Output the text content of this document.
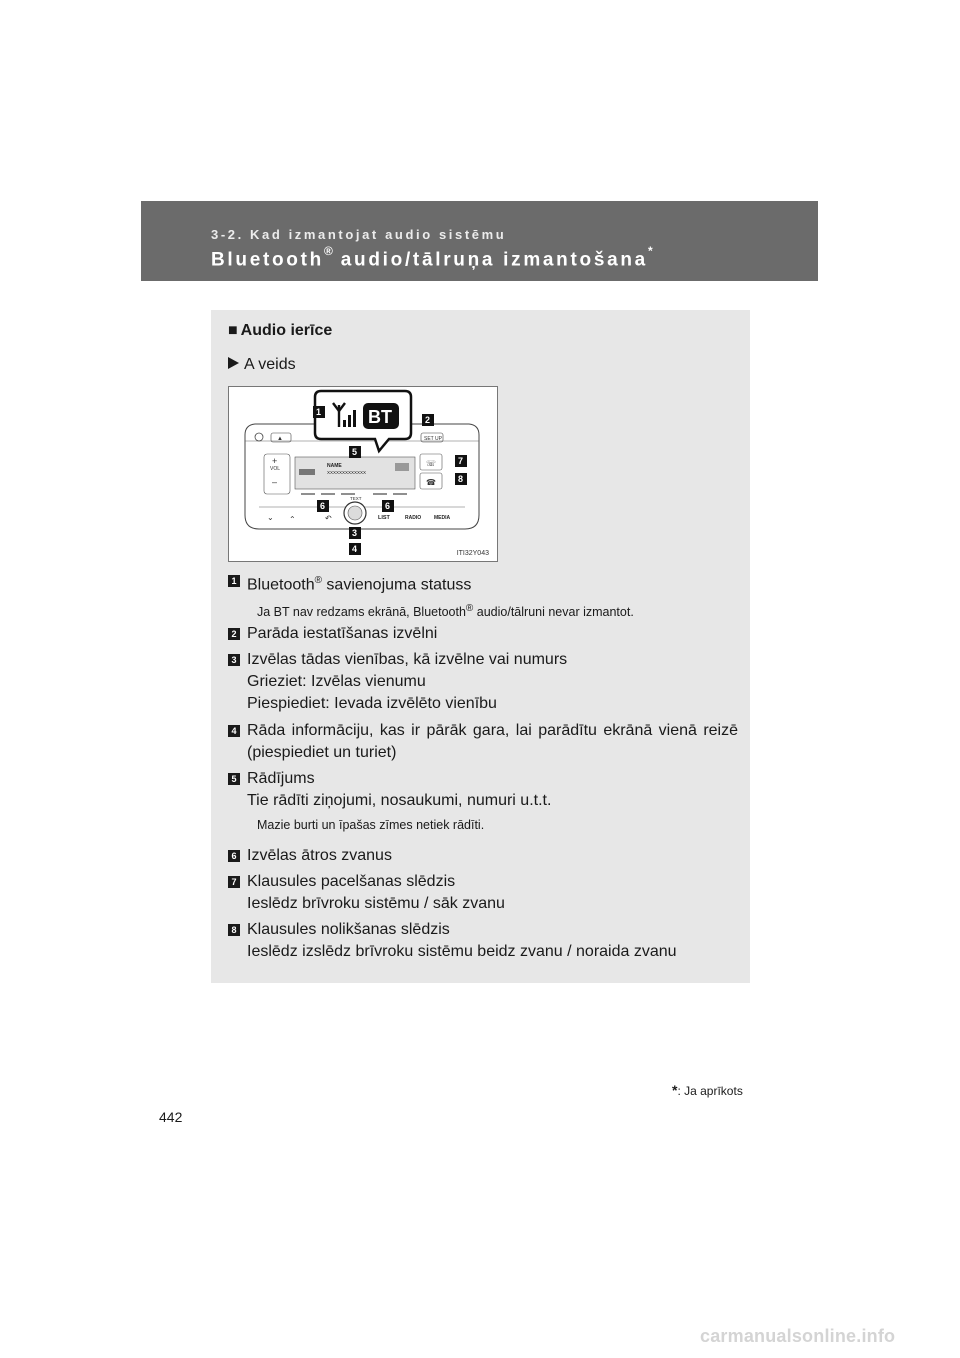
3-2. Kad izmantojat audio sistēmu
Bluetooth® audio/tālruņa izmantošana*
■ Audio ierīce
A veids
▲	SET UP
+
VOL
–
NAME
XXXXXXXXXXXXX
☏
☎
TEXT
⌄ ⌃	↶	LIST	RADIO	MEDIA
BT
1
2
3
4
5
6	6
7
8
ITI32Y043
1 Bluetooth® savienojuma statuss
Ja BT nav redzams ekrānā, Bluetooth® audio/tālruni nevar izmantot.
2 Parāda iestatīšanas izvēlni
3 Izvēlas tādas vienības, kā izvēlne vai numurs
Grieziet: Izvēlas vienumu
Piespiediet: Ievada izvēlēto vienību
4 Rāda informāciju, kas ir pārāk gara, lai parādītu ekrānā vienā reizē (piespiediet un turiet)
5 Rādījums
Tie rādīti ziņojumi, nosaukumi, numuri u.t.t.
Mazie burti un īpašas zīmes netiek rādīti.
6 Izvēlas ātros zvanus
7 Klausules pacelšanas slēdzis
Ieslēdz brīvroku sistēmu / sāk zvanu
8 Klausules nolikšanas slēdzis
Ieslēdz izslēdz brīvroku sistēmu beidz zvanu / noraida zvanu
*: Ja aprīkots
442
carmanualsonline.info
